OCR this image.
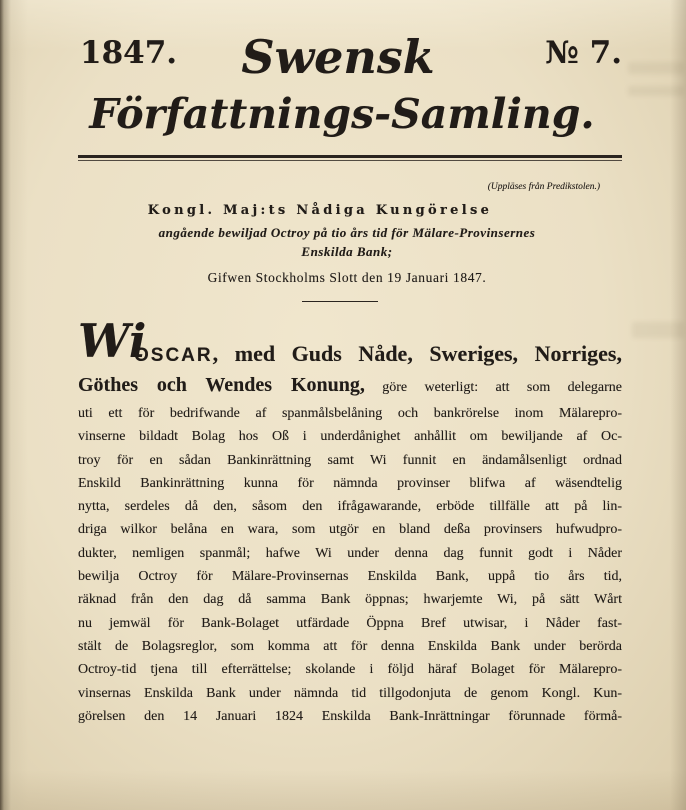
1847.	Swensk	№ 7.
Författnings-Samling.
(Uppläses från Predikstolen.)
Kongl. Maj:ts Nådiga Kungörelse
angående bewiljad Octroy på tio års tid för Mälare-Provinsernes
Enskilda Bank;
Gifwen Stockholms Slott den 19 Januari 1847.
Wi
OSCAR, med Guds Nåde, Sweriges, Norriges,
Göthes och Wendes Konung, göre weterligt: att som delegarne
uti ett för bedrifwande af spanmålsbelåning och bankrörelse inom Mälarepro-
vinserne bildadt Bolag hos Oß i underdånighet anhållit om bewiljande af Oc-
troy för en sådan Bankinrättning samt Wi funnit en ändamålsenligt ordnad
Enskild Bankinrättning kunna för nämnda provinser blifwa af wäsendtelig
nytta, serdeles då den, såsom den ifrågawarande, erböde tillfälle att på lin-
driga wilkor belåna en wara, som utgör en bland deßa provinsers hufwudpro-
dukter, nemligen spanmål; hafwe Wi under denna dag funnit godt i Nåder
bewilja Octroy för Mälare-Provinsernas Enskilda Bank, uppå tio års tid,
räknad från den dag då samma Bank öppnas; hwarjemte Wi, på sätt Wårt
nu jemwäl för Bank-Bolaget utfärdade Öppna Bref utwisar, i Nåder fast-
stält de Bolagsreglor, som komma att för denna Enskilda Bank under berörda
Octroy-tid tjena till efterrättelse; skolande i följd häraf Bolaget för Mälarepro-
vinsernas Enskilda Bank under nämnda tid tillgodonjuta de genom Kongl. Kun-
görelsen den 14 Januari 1824 Enskilda Bank-Inrättningar förunnade förmå-
